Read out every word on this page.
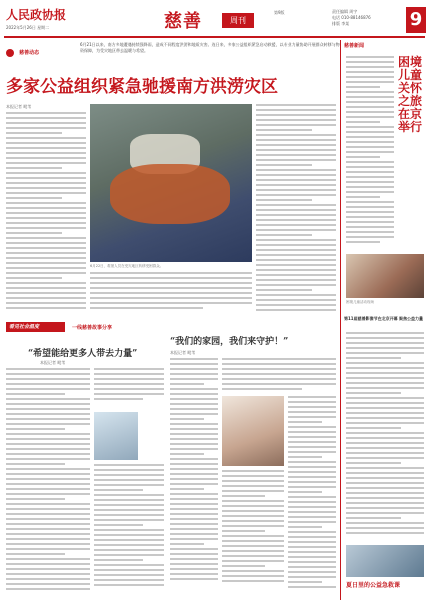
人民政协报
2022年5月26日 星期二	慈善	周刊
第9版	责任编辑 周宇
电话 010-88146876
排版 李某	9
慈善动态
6月21日以来，南方多地遭遇持续强降雨，造成不同程度洪涝和地质灾害。连日来，多家公益组织紧急启动救援，以专业力量协助开展群众转移与物资保障，为受灾地区带去温暖与希望。
多家公益组织紧急驰援南方洪涝灾区
本报记者 毗苇
6月22日，救援人员在受灾地区转移受困群众。
慈善新闻
困境儿童关怀之旅在京举行
困境儿童活动现场
第11届慈善影像节在北京开幕 聚焦公益力量
夏日里的公益急救课
看见社会温度	一线慈善故事分享
“希望能给更多人带去力量”
本报记者 毗苇
“我们的家园，我们来守护！”
本报记者 毗苇
